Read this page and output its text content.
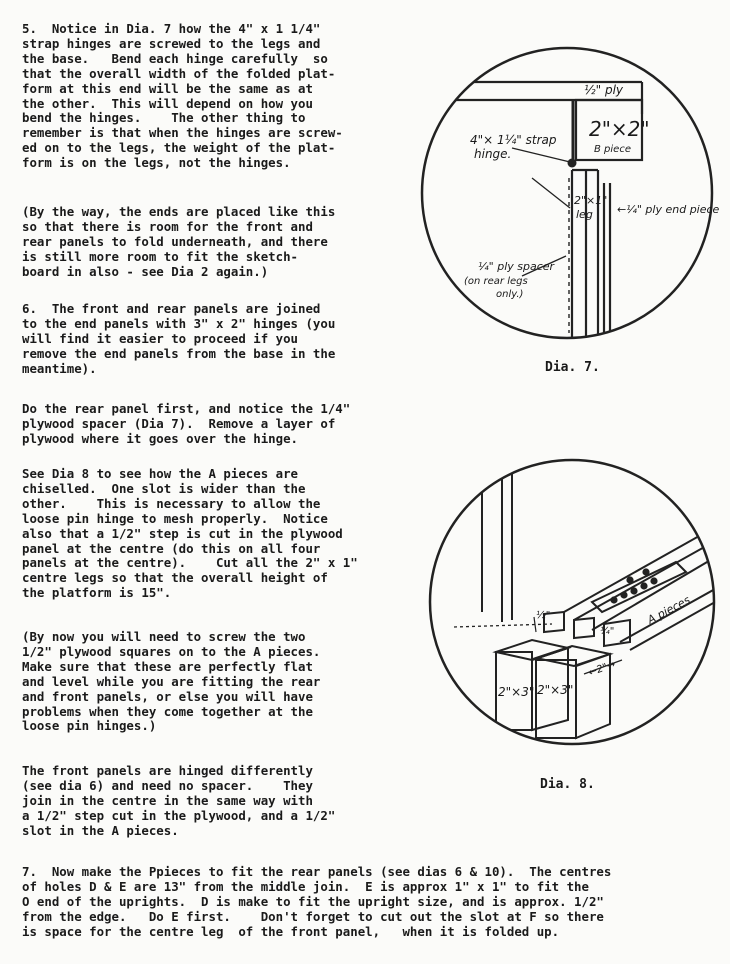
5.  Notice in Dia. 7 how the 4" x 1 1/4"
strap hinges are screwed to the legs and
the base.   Bend each hinge carefully  so
that the overall width of the folded plat-
form at this end will be the same as at
the other.  This will depend on how you
bend the hinges.    The other thing to
remember is that when the hinges are screw-
ed on to the legs, the weight of the plat-
form is on the legs, not the hinges.

(By the way, the ends are placed like this
so that there is room for the front and
rear panels to fold underneath, and there
is still more room to fit the sketch-
board in also - see Dia 2 again.)

6.  The front and rear panels are joined
to the end panels with 3" x 2" hinges (you
will find it easier to proceed if you
remove the end panels from the base in the
meantime).

Do the rear panel first, and notice the 1/4"
plywood spacer (Dia 7).  Remove a layer of
plywood where it goes over the hinge.

See Dia 8 to see how the A pieces are
chiselled.  One slot is wider than the
other.    This is necessary to allow the
loose pin hinge to mesh properly.  Notice
also that a 1/2" step is cut in the plywood
panel at the centre (do this on all four
panels at the centre).    Cut all the 2" x 1"
centre legs so that the overall height of
the platform is 15".

(By now you will need to screw the two
1/2" plywood squares on to the A pieces.
Make sure that these are perfectly flat
and level while you are fitting the rear
and front panels, or else you will have
problems when they come together at the
loose pin hinges.)

The front panels are hinged differently
(see dia 6) and need no spacer.    They
join in the centre in the same way with
a 1/2" step cut in the plywood, and a 1/2"
slot in the A pieces.

7.  Now make the Ppieces to fit the rear panels (see dias 6 & 10).  The centres
of holes D & E are 13" from the middle join.  E is approx 1" x 1" to fit the
O end of the uprights.  D is make to fit the upright size, and is approx. 1/2"
from the edge.   Do E first.    Don't forget to cut out the slot at F so there
is space for the centre leg  of the front panel,   when it is folded up.

½" ply
2"×2"
B piece
4"× 1¼" strap
hinge.
2"×1"
leg ←¼" ply end piece
¼" ply spacer
(on rear legs
only.)

Dia. 7.

½"
¼"
A pieces
←2"→
2"×3" 2"×3"

Dia. 8.
